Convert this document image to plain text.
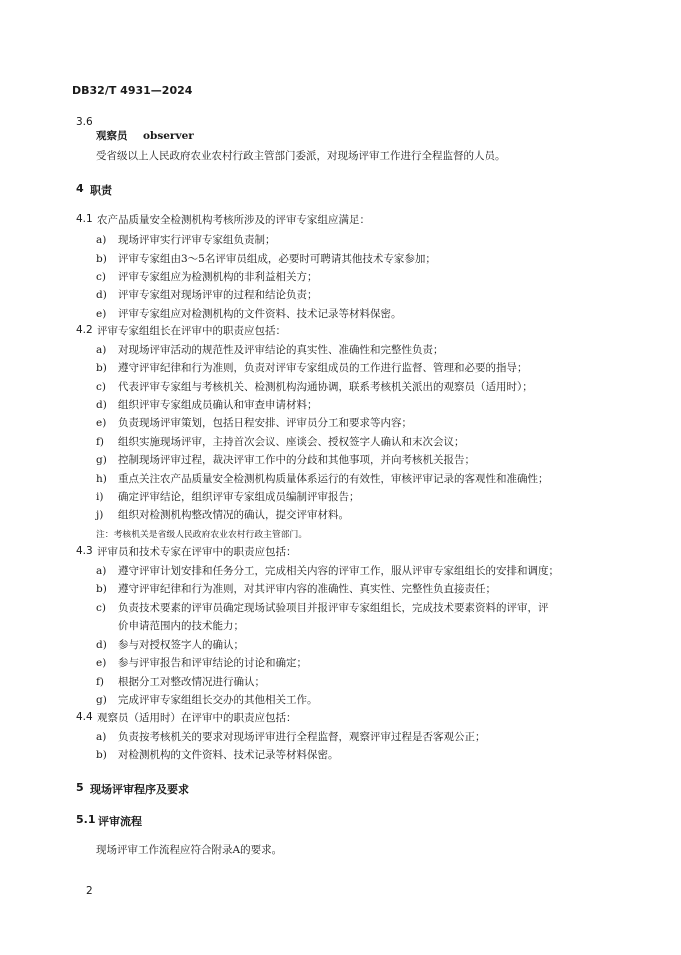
DB32/T 4931—2024
3.6
观察员 observer
受省级以上人民政府农业农村行政主管部门委派，对现场评审工作进行全程监督的人员。
4 职责
4.1 农产品质量安全检测机构考核所涉及的评审专家组应满足：
a) 现场评审实行评审专家组负责制；
b) 评审专家组由3～5名评审员组成，必要时可聘请其他技术专家参加；
c) 评审专家组应为检测机构的非利益相关方；
d) 评审专家组对现场评审的过程和结论负责；
e) 评审专家组应对检测机构的文件资料、技术记录等材料保密。
4.2 评审专家组组长在评审中的职责应包括：
a) 对现场评审活动的规范性及评审结论的真实性、准确性和完整性负责；
b) 遵守评审纪律和行为准则，负责对评审专家组成员的工作进行监督、管理和必要的指导；
c) 代表评审专家组与考核机关、检测机构沟通协调，联系考核机关派出的观察员（适用时）；
d) 组织评审专家组成员确认和审查申请材料；
e) 负责现场评审策划，包括日程安排、评审员分工和要求等内容；
f) 组织实施现场评审，主持首次会议、座谈会、授权签字人确认和末次会议；
g) 控制现场评审过程，裁决评审工作中的分歧和其他事项，并向考核机关报告；
h) 重点关注农产品质量安全检测机构质量体系运行的有效性，审核评审记录的客观性和准确性；
i) 确定评审结论，组织评审专家组成员编制评审报告；
j) 组织对检测机构整改情况的确认，提交评审材料。
注：考核机关是省级人民政府农业农村行政主管部门。
4.3 评审员和技术专家在评审中的职责应包括：
a) 遵守评审计划安排和任务分工，完成相关内容的评审工作，服从评审专家组组长的安排和调度；
b) 遵守评审纪律和行为准则，对其评审内容的准确性、真实性、完整性负直接责任；
c) 负责技术要素的评审员确定现场试验项目并报评审专家组组长，完成技术要素资料的评审，评
价申请范围内的技术能力；
d) 参与对授权签字人的确认；
e) 参与评审报告和评审结论的讨论和确定；
f) 根据分工对整改情况进行确认；
g) 完成评审专家组组长交办的其他相关工作。
4.4 观察员（适用时）在评审中的职责应包括：
a) 负责按考核机关的要求对现场评审进行全程监督，观察评审过程是否客观公正；
b) 对检测机构的文件资料、技术记录等材料保密。
5 现场评审程序及要求
5.1 评审流程
现场评审工作流程应符合附录A的要求。
2
